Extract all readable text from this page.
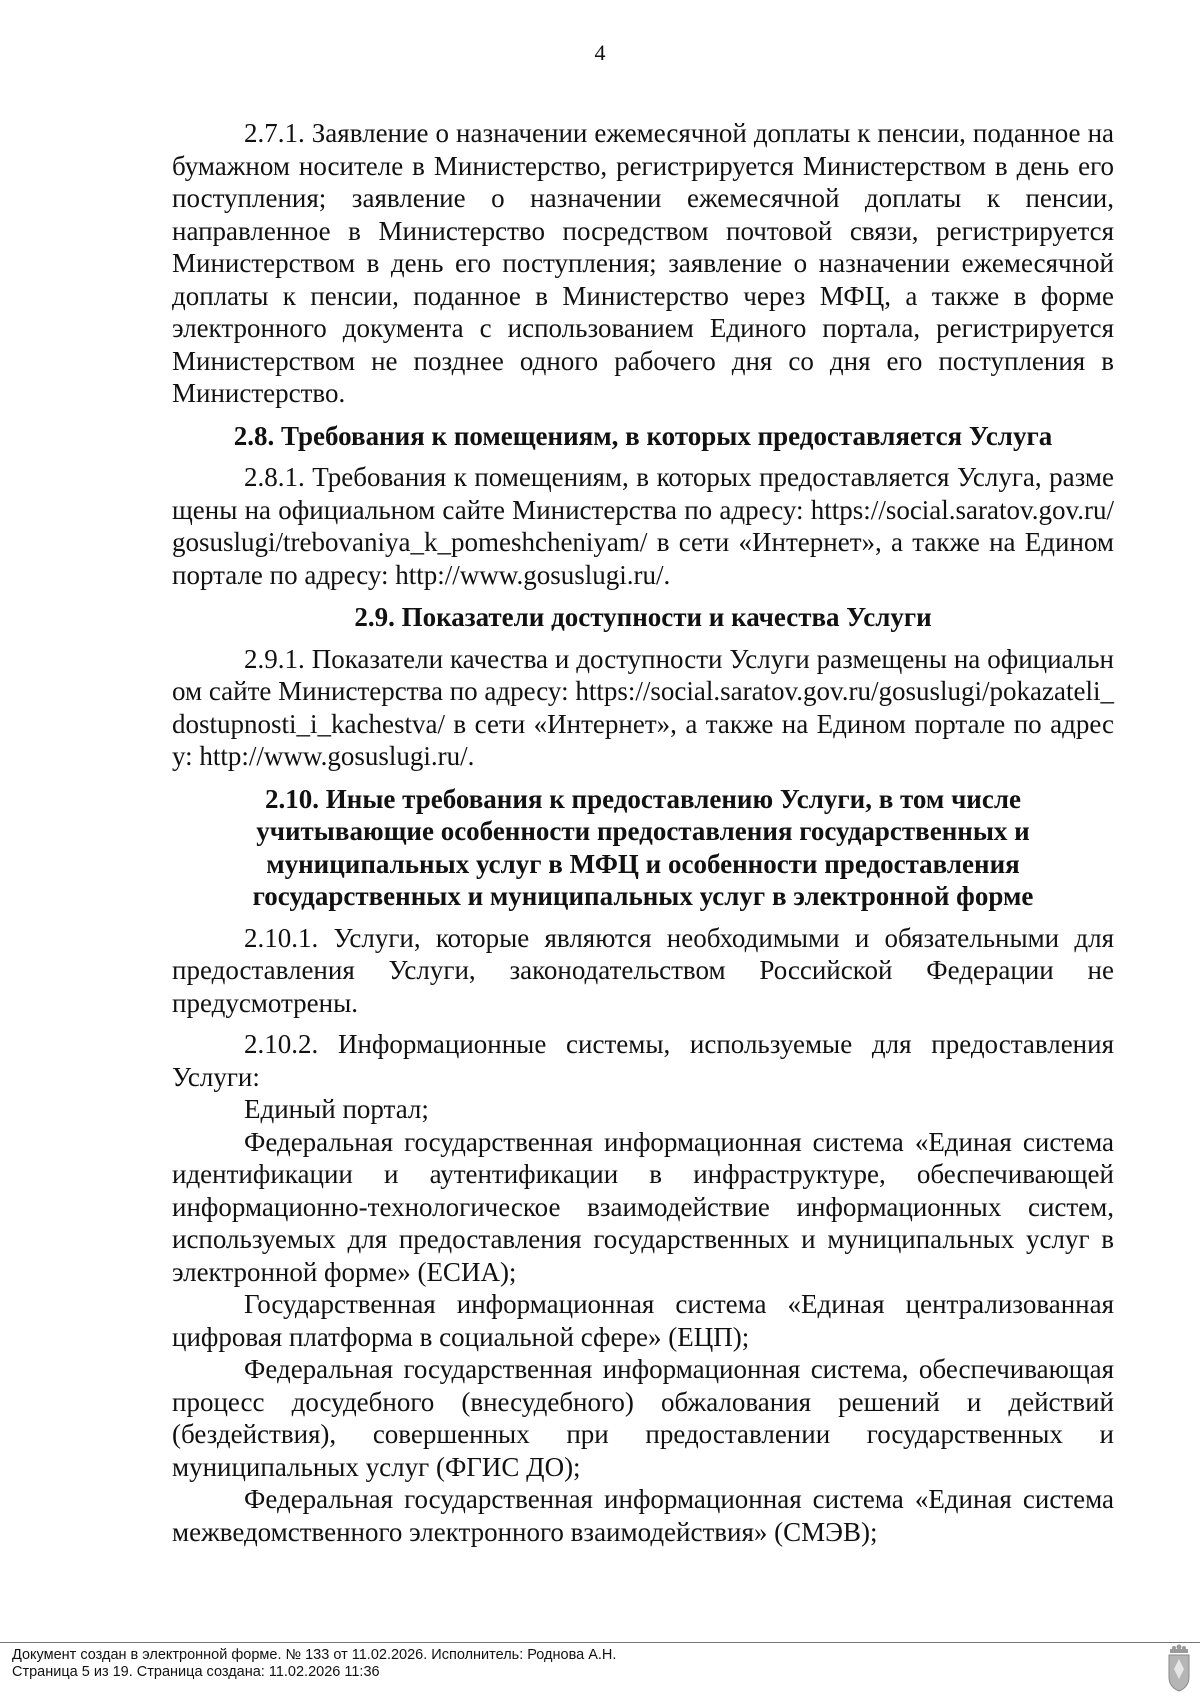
4

2.7.1. Заявление о назначении ежемесячной доплаты к пенсии, поданное на бумажном носителе в Министерство, регистрируется Министерством в день его поступления; заявление о назначении ежемесячной доплаты к пенсии, направленное в Министерство посредством почтовой связи, регистрируется Министерством в день его поступления; заявление о назначении ежемесячной доплаты к пенсии, поданное в Министерство через МФЦ, а также в форме электронного документа с использованием Единого портала, регистрируется Министерством не позднее одного рабочего дня со дня его поступления в Министерство.

2.8. Требования к помещениям, в которых предоставляется Услуга

2.8.1. Требования к помещениям, в которых предоставляется Услуга, размещены на официальном сайте Министерства по адресу: https://social.saratov.gov.ru/gosuslugi/trebovaniya_k_pomeshcheniyam/ в сети «Интернет», а также на Едином портале по адресу: http://www.gosuslugi.ru/.

2.9. Показатели доступности и качества Услуги

2.9.1. Показатели качества и доступности Услуги размещены на официальном сайте Министерства по адресу: https://social.saratov.gov.ru/gosuslugi/pokazateli_dostupnosti_i_kachestva/ в сети «Интернет», а также на Едином портале по адресу: http://www.gosuslugi.ru/.

2.10. Иные требования к предоставлению Услуги, в том числе учитывающие особенности предоставления государственных и муниципальных услуг в МФЦ и особенности предоставления государственных и муниципальных услуг в электронной форме

2.10.1. Услуги, которые являются необходимыми и обязательными для предоставления Услуги, законодательством Российской Федерации не предусмотрены.

2.10.2. Информационные системы, используемые для предоставления Услуги:

Единый портал;

Федеральная государственная информационная система «Единая система идентификации и аутентификации в инфраструктуре, обеспечивающей информационно-технологическое взаимодействие информационных систем, используемых для предоставления государственных и муниципальных услуг в электронной форме» (ЕСИА);

Государственная информационная система «Единая централизованная цифровая платформа в социальной сфере» (ЕЦП);

Федеральная государственная информационная система, обеспечивающая процесс досудебного (внесудебного) обжалования решений и действий (бездействия), совершенных при предоставлении государственных и муниципальных услуг (ФГИС ДО);

Федеральная государственная информационная система «Единая система межведомственного электронного взаимодействия» (СМЭВ);

Документ создан в электронной форме. № 133 от 11.02.2026. Исполнитель: Роднова А.Н.
Страница 5 из 19. Страница создана: 11.02.2026 11:36
